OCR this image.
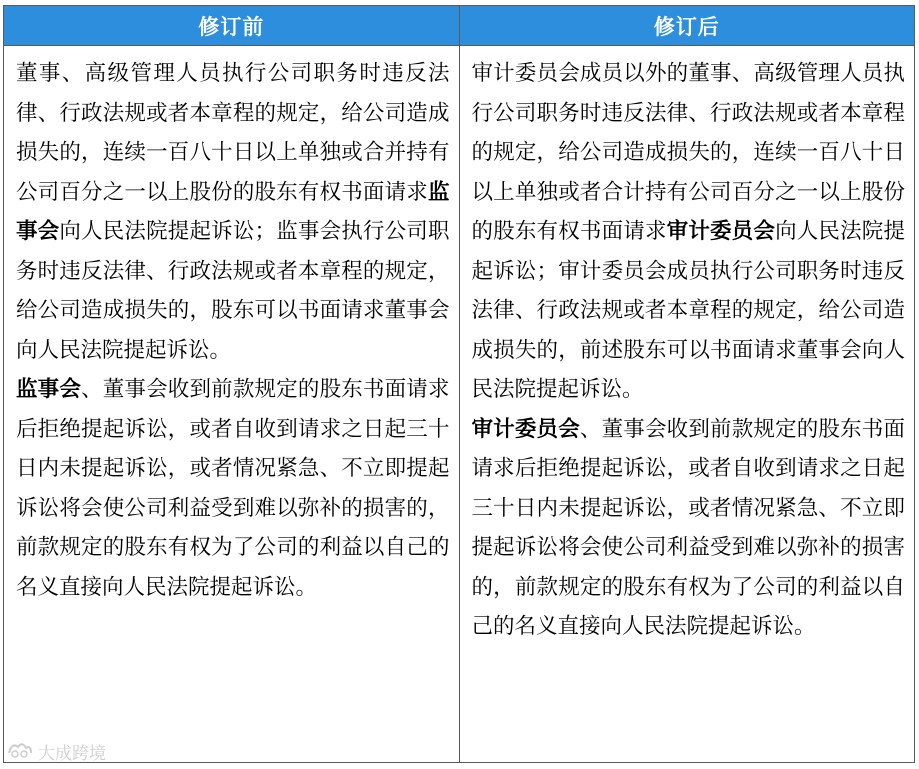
修订前	修订后

董事、高级管理人员执行公司职务时违反法律、行政法规或者本章程的规定，给公司造成损失的，连续一百八十日以上单独或合并持有公司百分之一以上股份的股东有权书面请求监事会向人民法院提起诉讼；监事会执行公司职务时违反法律、行政法规或者本章程的规定，给公司造成损失的，股东可以书面请求董事会向人民法院提起诉讼。

监事会、董事会收到前款规定的股东书面请求后拒绝提起诉讼，或者自收到请求之日起三十日内未提起诉讼，或者情况紧急、不立即提起诉讼将会使公司利益受到难以弥补的损害的，前款规定的股东有权为了公司的利益以自己的名义直接向人民法院提起诉讼。

审计委员会成员以外的董事、高级管理人员执行公司职务时违反法律、行政法规或者本章程的规定，给公司造成损失的，连续一百八十日以上单独或者合计持有公司百分之一以上股份的股东有权书面请求审计委员会向人民法院提起诉讼；审计委员会成员执行公司职务时违反法律、行政法规或者本章程的规定，给公司造成损失的，前述股东可以书面请求董事会向人民法院提起诉讼。

审计委员会、董事会收到前款规定的股东书面请求后拒绝提起诉讼，或者自收到请求之日起三十日内未提起诉讼，或者情况紧急、不立即提起诉讼将会使公司利益受到难以弥补的损害的，前款规定的股东有权为了公司的利益以自己的名义直接向人民法院提起诉讼。

大成跨境
